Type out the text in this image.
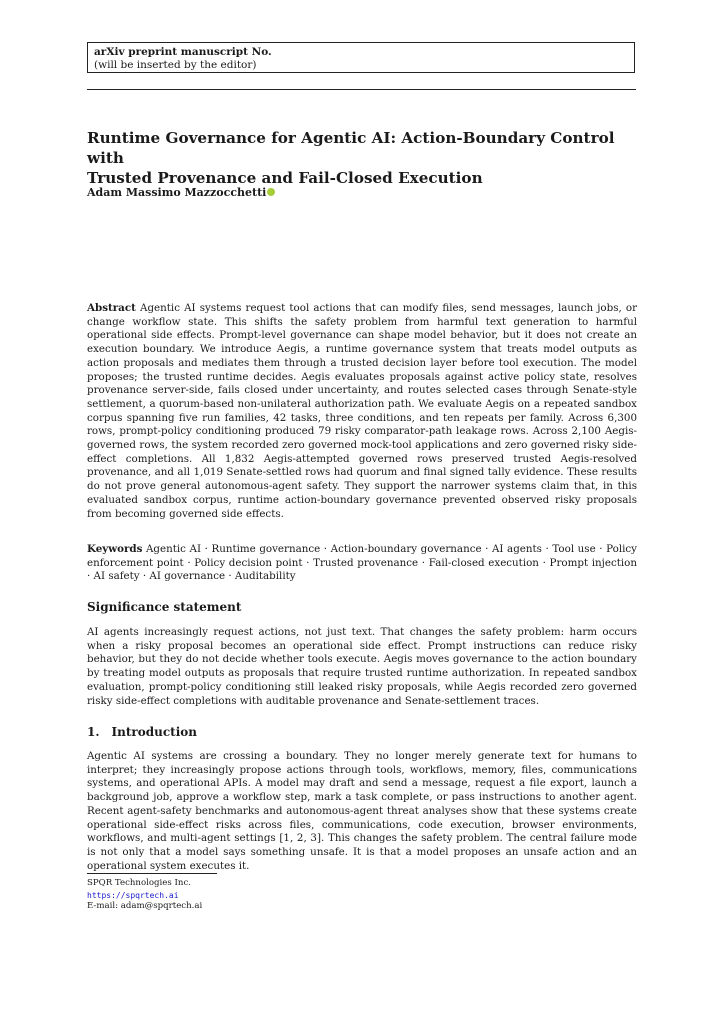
arXiv preprint manuscript No.
(will be inserted by the editor)
Runtime Governance for Agentic AI: Action-Boundary Control with
Trusted Provenance and Fail-Closed Execution
Adam Massimo Mazzocchetti

Abstract Agentic AI systems request tool actions that can modify files, send messages, launch jobs, or change workflow state. This shifts the safety problem from harmful text generation to harmful operational side effects. Prompt-level governance can shape model behavior, but it does not create an execution boundary. We introduce Aegis, a runtime governance system that treats model outputs as action proposals and mediates them through a trusted decision layer before tool execution. The model proposes; the trusted runtime decides. Aegis evaluates proposals against active policy state, resolves provenance server-side, fails closed under uncertainty, and routes selected cases through Senate-style settlement, a quorum-based non-unilateral authorization path. We evaluate Aegis on a repeated sandbox corpus spanning five run families, 42 tasks, three conditions, and ten repeats per family. Across 6,300 rows, prompt-policy conditioning produced 79 risky comparator-path leakage rows. Across 2,100 Aegis-governed rows, the system recorded zero governed mock-tool applications and zero governed risky side-effect completions. All 1,832 Aegis-attempted governed rows preserved trusted Aegis-resolved provenance, and all 1,019 Senate-settled rows had quorum and final signed tally evidence. These results do not prove general autonomous-agent safety. They support the narrower systems claim that, in this evaluated sandbox corpus, runtime action-boundary governance prevented observed risky proposals from becoming governed side effects.

Keywords Agentic AI · Runtime governance · Action-boundary governance · AI agents · Tool use · Policy enforcement point · Policy decision point · Trusted provenance · Fail-closed execution · Prompt injection · AI safety · AI governance · Auditability

Significance statement

AI agents increasingly request actions, not just text. That changes the safety problem: harm occurs when a risky proposal becomes an operational side effect. Prompt instructions can reduce risky behavior, but they do not decide whether tools execute. Aegis moves governance to the action boundary by treating model outputs as proposals that require trusted runtime authorization. In repeated sandbox evaluation, prompt-policy conditioning still leaked risky proposals, while Aegis recorded zero governed risky side-effect completions with auditable provenance and Senate-settlement traces.

1. Introduction

Agentic AI systems are crossing a boundary. They no longer merely generate text for humans to interpret; they increasingly propose actions through tools, workflows, memory, files, communications systems, and operational APIs. A model may draft and send a message, request a file export, launch a background job, approve a workflow step, mark a task complete, or pass instructions to another agent. Recent agent-safety benchmarks and autonomous-agent threat analyses show that these systems create operational side-effect risks across files, communications, code execution, browser environments, workflows, and multi-agent settings [1, 2, 3]. This changes the safety problem. The central failure mode is not only that a model says something unsafe. It is that a model proposes an unsafe action and an operational system executes it.

SPQR Technologies Inc.
https://spqrtech.ai
E-mail: adam@spqrtech.ai
